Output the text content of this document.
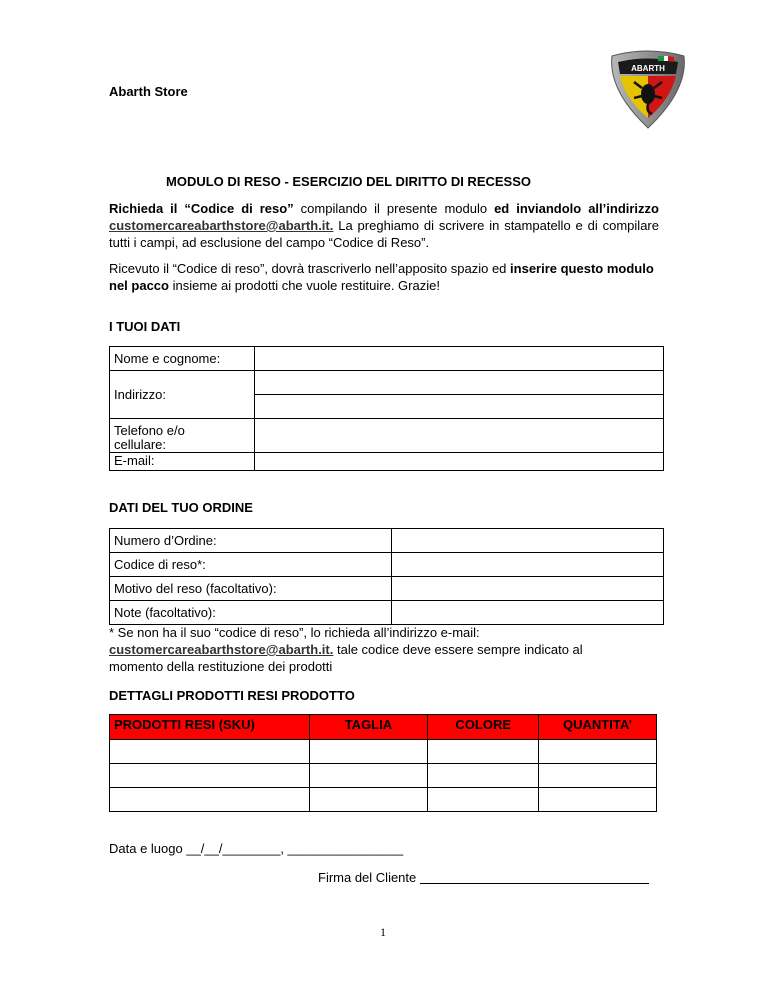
Abarth Store
ABARTH
MODULO DI RESO - ESERCIZIO DEL DIRITTO DI RECESSO
Richieda il “Codice di reso” compilando il presente modulo ed inviandolo all’indirizzo customercareabarthstore@abarth.it. La preghiamo di scrivere in stampatello e di compilare tutti i campi, ad esclusione del campo “Codice di Reso”.
Ricevuto il “Codice di reso”, dovrà trascriverlo nell’apposito spazio ed inserire questo modulo nel pacco insieme ai prodotti che vuole restituire. Grazie!
I TUOI DATI
Nome e cognome:	
Indirizzo:	

Telefono e/o
cellulare:	
E-mail:	
DATI DEL TUO ORDINE
Numero d’Ordine:	
Codice di reso*:	
Motivo del reso (facoltativo):	
Note (facoltativo):	
* Se non ha il suo “codice di reso”, lo richieda all’indirizzo e-mail:
customercareabarthstore@abarth.it. tale codice deve essere sempre indicato al
momento della restituzione dei prodotti
DETTAGLI PRODOTTI RESI PRODOTTO
PRODOTTI RESI (SKU)	TAGLIA	COLORE	QUANTITA’

Data e luogo __/__/________, ________________
Firma del Cliente
1
